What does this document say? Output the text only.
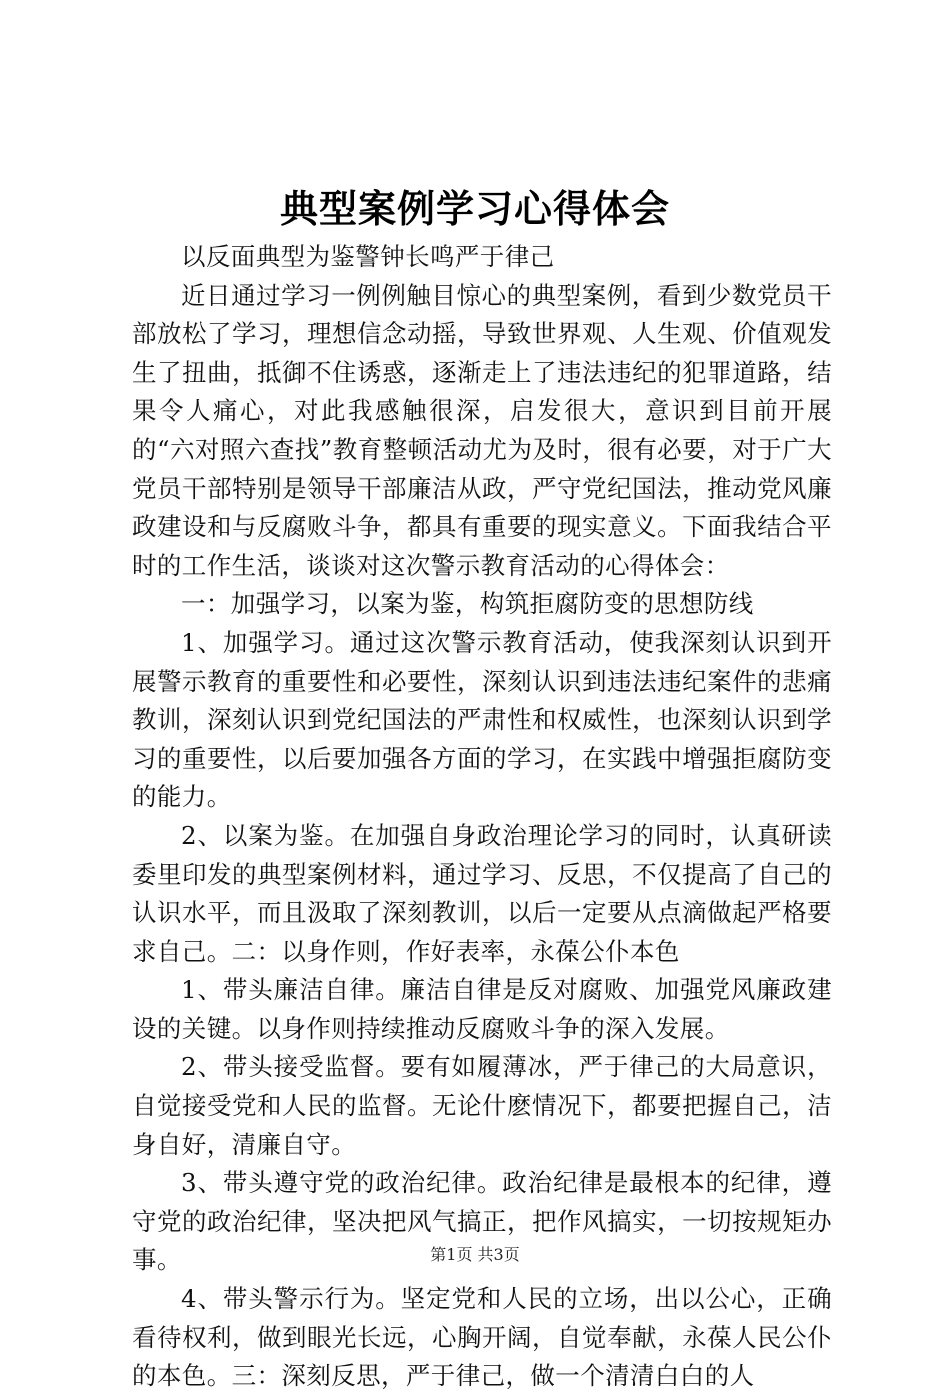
典型案例学习心得体会

以反面典型为鉴警钟长鸣严于律己

近日通过学习一例例触目惊心的典型案例，看到少数党员干部放松了学习，理想信念动摇，导致世界观、人生观、价值观发生了扭曲，抵御不住诱惑，逐渐走上了违法违纪的犯罪道路，结果令人痛心，对此我感触很深，启发很大，意识到目前开展的“六对照六查找”教育整顿活动尤为及时，很有必要，对于广大党员干部特别是领导干部廉洁从政，严守党纪国法，推动党风廉政建设和与反腐败斗争，都具有重要的现实意义。下面我结合平时的工作生活，谈谈对这次警示教育活动的心得体会：

一：加强学习，以案为鉴，构筑拒腐防变的思想防线

1、加强学习。通过这次警示教育活动，使我深刻认识到开展警示教育的重要性和必要性，深刻认识到违法违纪案件的悲痛教训，深刻认识到党纪国法的严肃性和权威性，也深刻认识到学习的重要性，以后要加强各方面的学习，在实践中增强拒腐防变的能力。

2、以案为鉴。在加强自身政治理论学习的同时，认真研读委里印发的典型案例材料，通过学习、反思，不仅提高了自己的认识水平，而且汲取了深刻教训，以后一定要从点滴做起严格要求自己。二：以身作则，作好表率，永葆公仆本色

1、带头廉洁自律。廉洁自律是反对腐败、加强党风廉政建设的关键。以身作则持续推动反腐败斗争的深入发展。

2、带头接受监督。要有如履薄冰，严于律己的大局意识，自觉接受党和人民的监督。无论什麽情况下，都要把握自己，洁身自好，清廉自守。

3、带头遵守党的政治纪律。政治纪律是最根本的纪律，遵守党的政治纪律，坚决把风气搞正，把作风搞实，一切按规矩办事。

4、带头警示行为。坚定党和人民的立场，出以公心，正确看待权利，做到眼光长远，心胸开阔，自觉奉献，永葆人民公仆的本色。三：深刻反思，严于律己，做一个清清白白的人

第1页 共3页
